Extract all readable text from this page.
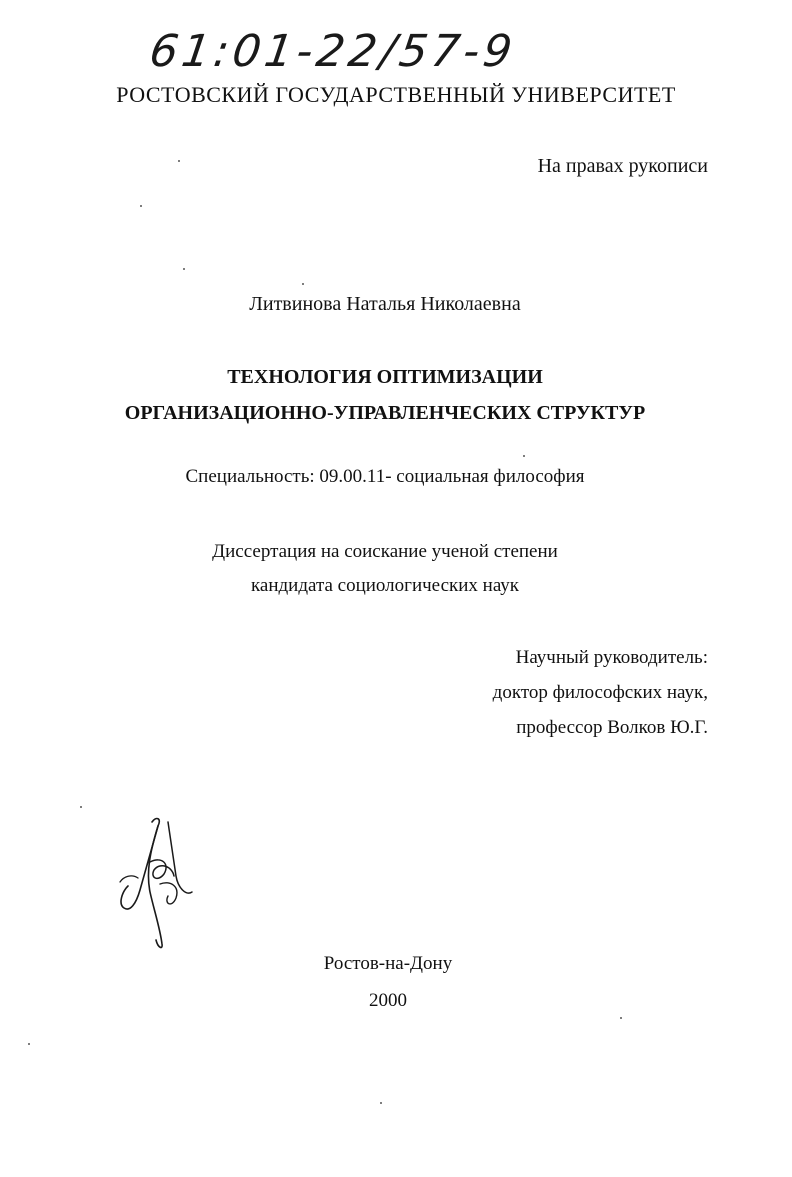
61:01-22/57-9
РОСТОВСКИЙ ГОСУДАРСТВЕННЫЙ УНИВЕРСИТЕТ
На правах рукописи
Литвинова Наталья Николаевна
ТЕХНОЛОГИЯ ОПТИМИЗАЦИИ
ОРГАНИЗАЦИОННО-УПРАВЛЕНЧЕСКИХ СТРУКТУР
Специальность: 09.00.11- социальная философия
Диссертация на соискание ученой степени
кандидата социологических наук
Научный руководитель:
доктор философских наук,
профессор Волков Ю.Г.
Ростов-на-Дону
2000
